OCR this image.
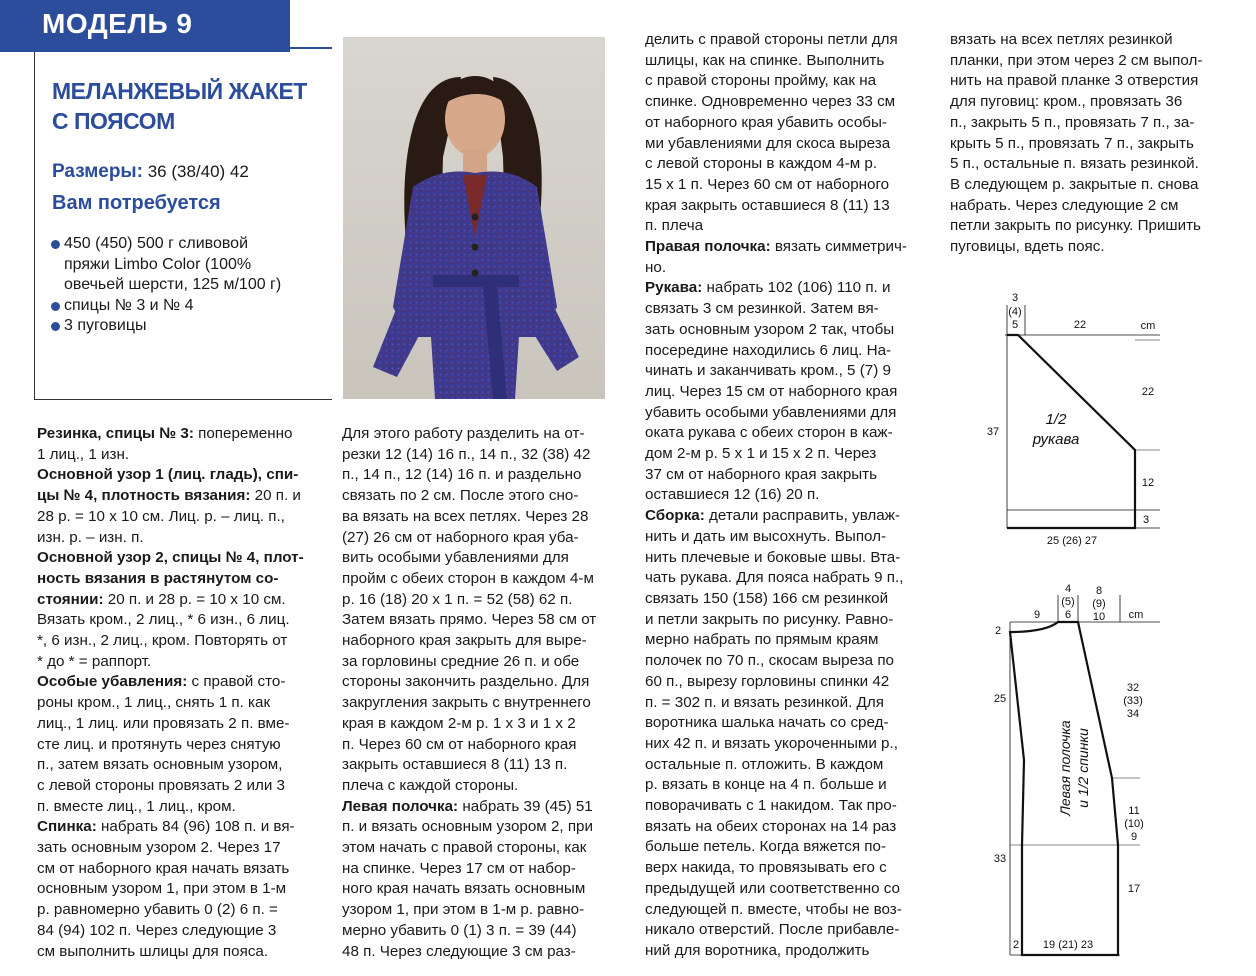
МОДЕЛЬ 9
МЕЛАНЖЕВЫЙ ЖАКЕТ
С ПОЯСОМ
Размеры: 36 (38/40) 42
Вам потребуется
450 (450) 500 г сливовой
пряжи Limbo Color (100%
овечьей шерсти, 125 м/100 г)
спицы № 3 и № 4
3 пуговицы
Резинка, спицы № 3: попеременно
1 лиц., 1 изн.
Основной узор 1 (лиц. гладь), спи-
цы № 4, плотность вязания: 20 п. и
28 р. = 10 х 10 см. Лиц. р. – лиц. п.,
изн. р. – изн. п.
Основной узор 2, спицы № 4, плот-
ность вязания в растянутом со-
стоянии: 20 п. и 28 р. = 10 х 10 см.
Вязать кром., 2 лиц., * 6 изн., 6 лиц.
*, 6 изн., 2 лиц., кром. Повторять от
* до * = раппорт.
Особые убавления: с правой сто-
роны кром., 1 лиц., снять 1 п. как
лиц., 1 лиц. или провязать 2 п. вме-
сте лиц. и протянуть через снятую
п., затем вязать основным узором,
с левой стороны провязать 2 или 3
п. вместе лиц., 1 лиц., кром.
Спинка: набрать 84 (96) 108 п. и вя-
зать основным узором 2. Через 17
см от наборного края начать вязать
основным узором 1, при этом в 1-м
р. равномерно убавить 0 (2) 6 п. =
84 (94) 102 п. Через следующие 3
см выполнить шлицы для пояса.
Для этого работу разделить на от-
резки 12 (14) 16 п., 14 п., 32 (38) 42
п., 14 п., 12 (14) 16 п. и раздельно
связать по 2 см. После этого сно-
ва вязать на всех петлях. Через 28
(27) 26 см от наборного края уба-
вить особыми убавлениями для
пройм с обеих сторон в каждом 4-м
р. 16 (18) 20 х 1 п. = 52 (58) 62 п.
Затем вязать прямо. Через 58 см от
наборного края закрыть для выре-
за горловины средние 26 п. и обе
стороны закончить раздельно. Для
закругления закрыть с внутреннего
края в каждом 2-м р. 1 х 3 и 1 х 2
п. Через 60 см от наборного края
закрыть оставшиеся 8 (11) 13 п.
плеча с каждой стороны.
Левая полочка: набрать 39 (45) 51
п. и вязать основным узором 2, при
этом начать с правой стороны, как
на спинке. Через 17 см от набор-
ного края начать вязать основным
узором 1, при этом в 1-м р. равно-
мерно убавить 0 (1) 3 п. = 39 (44)
48 п. Через следующие 3 см раз-
делить с правой стороны петли для
шлицы, как на спинке. Выполнить
с правой стороны пройму, как на
спинке. Одновременно через 33 см
от наборного края убавить особы-
ми убавлениями для скоса выреза
с левой стороны в каждом 4-м р.
15 х 1 п. Через 60 см от наборного
края закрыть оставшиеся 8 (11) 13
п. плеча
Правая полочка: вязать симметрич-
но.
Рукава: набрать 102 (106) 110 п. и
связать 3 см резинкой. Затем вя-
зать основным узором 2 так, чтобы
посередине находились 6 лиц. На-
чинать и заканчивать кром., 5 (7) 9
лиц. Через 15 см от наборного края
убавить особыми убавлениями для
оката рукава с обеих сторон в каж-
дом 2-м р. 5 х 1 и 15 х 2 п. Через
37 см от наборного края закрыть
оставшиеся 12 (16) 20 п.
Сборка: детали расправить, увлаж-
нить и дать им высохнуть. Выпол-
нить плечевые и боковые швы. Вта-
чать рукава. Для пояса набрать 9 п.,
связать 150 (158) 166 см резинкой
и петли закрыть по рисунку. Равно-
мерно набрать по прямым краям
полочек по 70 п., скосам выреза по
60 п., вырезу горловины спинки 42
п. = 302 п. и вязать резинкой. Для
воротника шалька начать со сред-
них 42 п. и вязать укороченными р.,
остальные п. отложить. В каждом
р. вязать в конце на 4 п. больше и
поворачивать с 1 накидом. Так про-
вязать на обеих сторонах на 14 раз
больше петель. Когда вяжется по-
верх накида, то провязывать его с
предыдущей или соответственно со
следующей п. вместе, чтобы не воз-
никало отверстий. После прибавле-
ний для воротника, продолжить
вязать на всех петлях резинкой
планки, при этом через 2 см выпол-
нить на правой планке 3 отверстия
для пуговиц: кром., провязать 36
п., закрыть 5 п., провязать 7 п., за-
крыть 5 п., провязать 7 п., закрыть
5 п., остальные п. вязать резинкой.
В следующем р. закрытые п. снова
набрать. Через следующие 2 см
петли закрыть по рисунку. Пришить
пуговицы, вдеть пояс.
3
(4)
5	22	cm
22
37
12
3
25 (26) 27
1/2
рукава
9
4
(5)
6
8
(9)
10 cm
2
25
32
(33)
34
11
(10)
9
33
17
2 19 (21) 23
Левая полочка и 1/2 спинки
